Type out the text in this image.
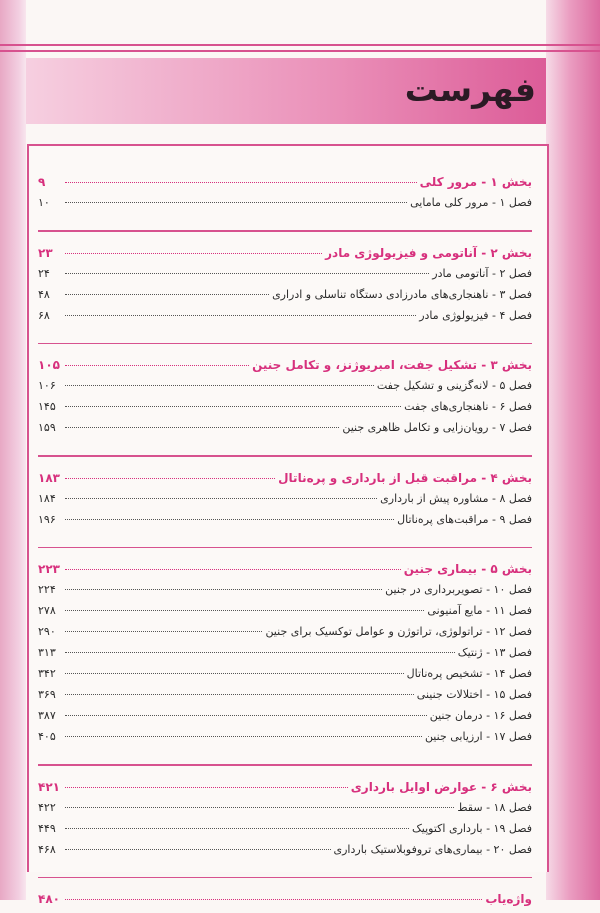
فهرست
بخش ۱ - مرور کلی
۹
فصل ۱ - مرور کلی مامایی
۱۰
بخش ۲ - آناتومی و فیزیولوژی مادر
۲۳
فصل ۲ - آناتومی مادر
۲۴
فصل ۳ - ناهنجاری‌های مادرزادی دستگاه تناسلی و ادراری
۴۸
فصل ۴ - فیزیولوژی مادر
۶۸
بخش ۳ - تشکیل جفت، امبریوژنز، و تکامل جنین
۱۰۵
فصل ۵ - لانه‌گزینی و تشکیل جفت
۱۰۶
فصل ۶ - ناهنجاری‌های جفت
۱۴۵
فصل ۷ - رویان‌زایی و تکامل ظاهری جنین
۱۵۹
بخش ۴ - مراقبت قبل از بارداری و پره‌ناتال
۱۸۳
فصل ۸ - مشاوره پیش از بارداری
۱۸۴
فصل ۹ - مراقبت‌های پره‌ناتال
۱۹۶
بخش ۵ - بیماری جنین
۲۲۳
فصل ۱۰ - تصویربرداری در جنین
۲۲۴
فصل ۱۱ - مایع آمنیونی
۲۷۸
فصل ۱۲ - تراتولوژی، تراتوژن و عوامل توکسیک برای جنین
۲۹۰
فصل ۱۳ - ژنتیک
۳۱۳
فصل ۱۴ - تشخیص پره‌ناتال
۳۴۲
فصل ۱۵ - اختلالات جنینی
۳۶۹
فصل ۱۶ - درمان جنین
۳۸۷
فصل ۱۷ - ارزیابی جنین
۴۰۵
بخش ۶ - عوارض اوایل بارداری
۴۲۱
فصل ۱۸ - سقط
۴۲۲
فصل ۱۹ - بارداری اکتوپیک
۴۴۹
فصل ۲۰ - بیماری‌های تروفوبلاستیک بارداری
۴۶۸
واژه‌یاب
۴۸۰
